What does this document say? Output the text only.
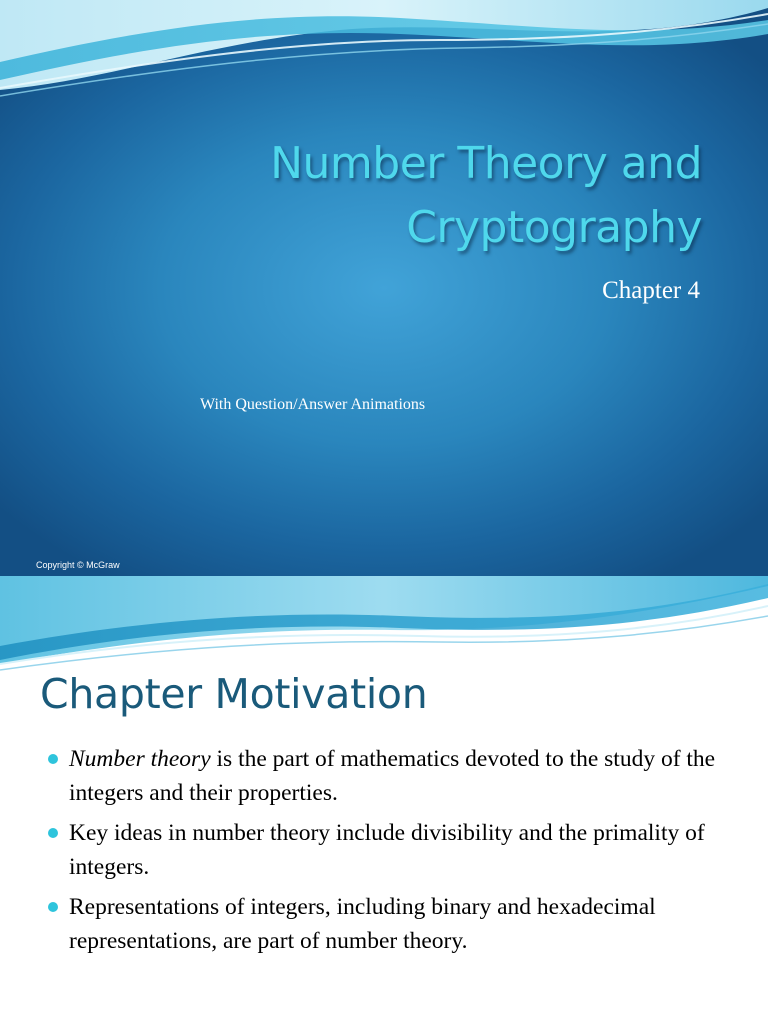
Number Theory and
Cryptography
Chapter 4
With Question/Answer Animations
Copyright © McGraw
Chapter Motivation
Number theory is the part of mathematics devoted to the study of the integers and their properties.
Key ideas in number theory include divisibility and the primality of integers.
Representations of integers, including binary and hexadecimal representations, are part of number theory.
